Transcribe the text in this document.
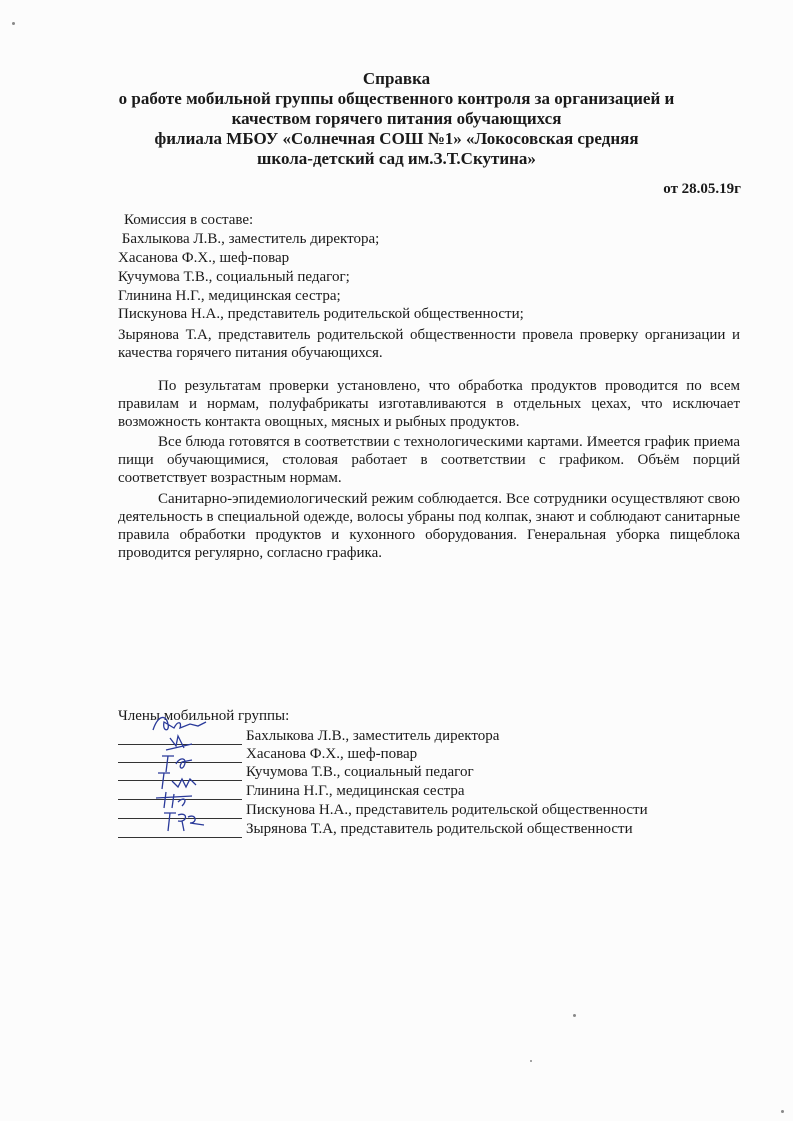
Справка
о работе мобильной группы общественного контроля за организацией и
качеством горячего питания обучающихся
филиала МБОУ «Солнечная СОШ №1» «Локосовская средняя
школа-детский сад им.З.Т.Скутина»
от 28.05.19г
Комиссия в составе:
Бахлыкова Л.В., заместитель директора;
Хасанова Ф.Х., шеф-повар
Кучумова Т.В., социальный педагог;
Глинина Н.Г., медицинская сестра;
Пискунова Н.А., представитель родительской общественности;
Зырянова Т.А, представитель родительской общественности провела проверку организации и качества горячего питания обучающихся.
По результатам проверки установлено, что обработка продуктов проводится по всем правилам и нормам, полуфабрикаты изготавливаются в отдельных цехах, что исключает возможность контакта овощных, мясных и рыбных продуктов.
Все блюда готовятся в соответствии с технологическими картами. Имеется график приема пищи обучающимися, столовая работает в соответствии с графиком. Объём порций соответствует возрастным нормам.
Санитарно-эпидемиологический режим соблюдается. Все сотрудники осуществляют свою деятельность в специальной одежде, волосы убраны под колпак, знают и соблюдают санитарные правила обработки продуктов и кухонного оборудования. Генеральная уборка пищеблока проводится регулярно, согласно графика.
Члены мобильной группы:
Бахлыкова Л.В., заместитель директора
Хасанова Ф.Х., шеф-повар
Кучумова Т.В., социальный педагог
Глинина Н.Г., медицинская сестра
Пискунова Н.А., представитель родительской общественности
Зырянова Т.А, представитель родительской общественности
